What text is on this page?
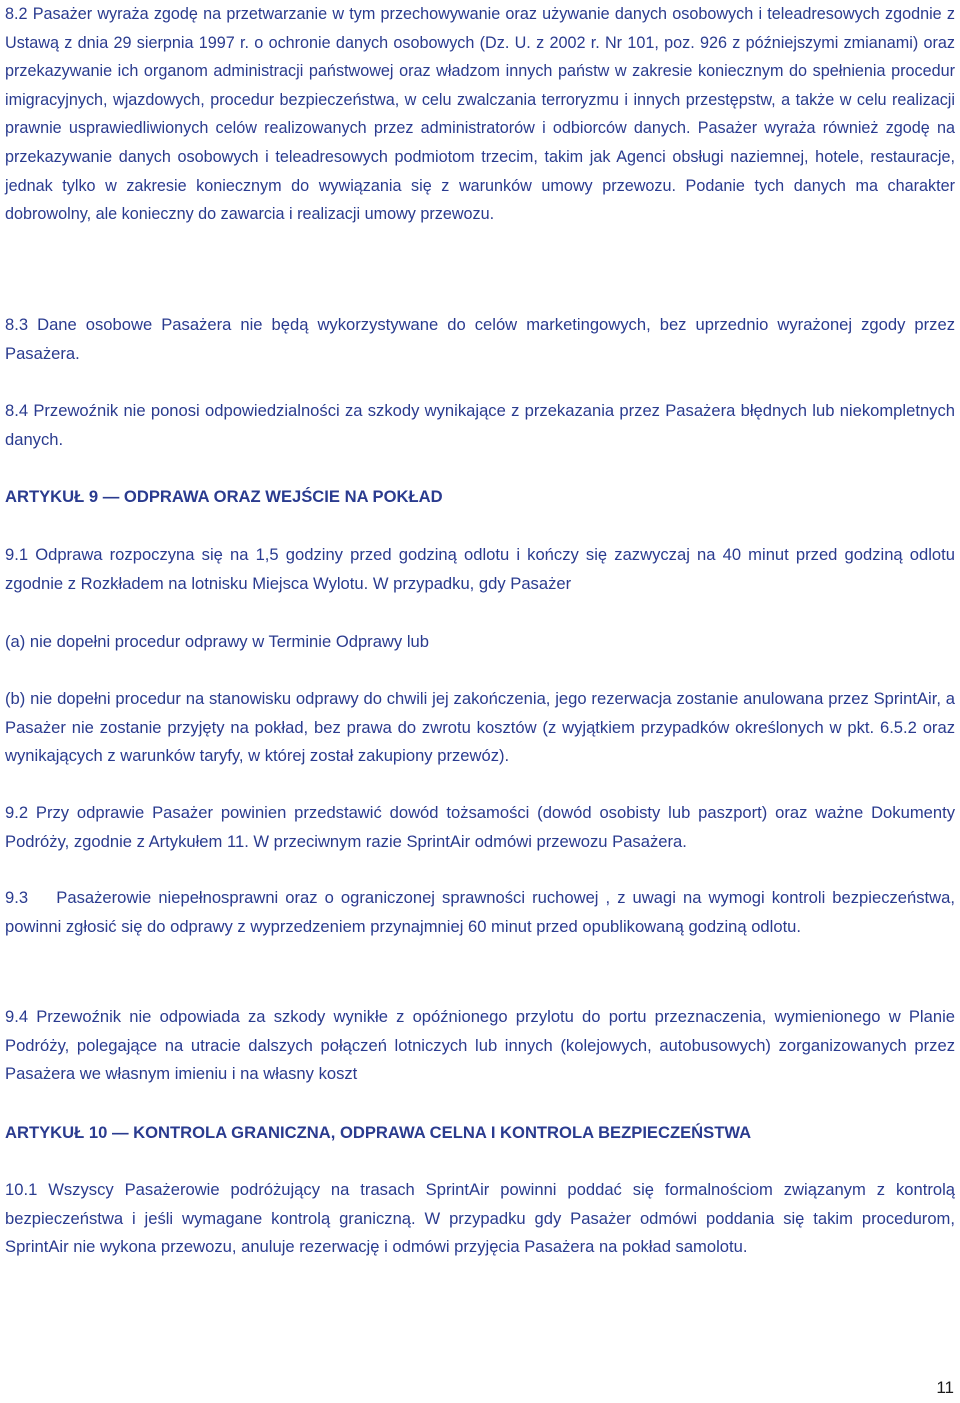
8.2 Pasażer wyraża zgodę na przetwarzanie w tym przechowywanie oraz używanie danych osobowych i teleadresowych zgodnie z Ustawą z dnia 29 sierpnia 1997 r. o ochronie danych osobowych (Dz. U. z 2002 r. Nr 101, poz. 926 z późniejszymi zmianami) oraz przekazywanie ich organom administracji państwowej oraz władzom innych państw w zakresie koniecznym do spełnienia procedur imigracyjnych, wjazdowych, procedur bezpieczeństwa, w celu zwalczania terroryzmu i innych przestępstw, a także w celu realizacji prawnie usprawiedliwionych celów realizowanych przez administratorów i odbiorców danych. Pasażer wyraża również zgodę na przekazywanie danych osobowych i teleadresowych podmiotom trzecim, takim jak Agenci obsługi naziemnej, hotele, restauracje, jednak tylko w zakresie koniecznym do wywiązania się z warunków umowy przewozu. Podanie tych danych ma charakter dobrowolny, ale konieczny do zawarcia i realizacji umowy przewozu.

8.3 Dane osobowe Pasażera nie będą wykorzystywane do celów marketingowych, bez uprzednio wyrażonej zgody przez Pasażera.

8.4 Przewoźnik nie ponosi odpowiedzialności za szkody wynikające z przekazania przez Pasażera błędnych lub niekompletnych danych.

ARTYKUŁ 9 — ODPRAWA ORAZ WEJŚCIE NA POKŁAD

9.1 Odprawa rozpoczyna się na 1,5 godziny przed godziną odlotu i kończy się zazwyczaj na 40 minut przed godziną odlotu zgodnie z Rozkładem na lotnisku Miejsca Wylotu. W przypadku, gdy Pasażer

(a) nie dopełni procedur odprawy w Terminie Odprawy lub

(b) nie dopełni procedur na stanowisku odprawy do chwili jej zakończenia, jego rezerwacja zostanie anulowana przez SprintAir, a Pasażer nie zostanie przyjęty na pokład, bez prawa do zwrotu kosztów (z wyjątkiem przypadków określonych w pkt. 6.5.2 oraz wynikających z warunków taryfy, w której został zakupiony przewóz).

9.2 Przy odprawie Pasażer powinien przedstawić dowód tożsamości (dowód osobisty lub paszport) oraz ważne Dokumenty Podróży, zgodnie z Artykułem 11. W przeciwnym razie SprintAir odmówi przewozu Pasażera.

9.3    Pasażerowie niepełnosprawni oraz o ograniczonej sprawności ruchowej , z uwagi na wymogi kontroli bezpieczeństwa, powinni zgłosić się do odprawy z wyprzedzeniem przynajmniej 60 minut przed opublikowaną godziną odlotu.

9.4 Przewoźnik nie odpowiada za szkody wynikłe z opóźnionego przylotu do portu przeznaczenia, wymienionego w Planie Podróży, polegające na utracie dalszych połączeń lotniczych lub innych (kolejowych, autobusowych) zorganizowanych przez Pasażera we własnym imieniu i na własny koszt

ARTYKUŁ 10 — KONTROLA GRANICZNA, ODPRAWA CELNA I KONTROLA BEZPIECZEŃSTWA

10.1 Wszyscy Pasażerowie podróżujący na trasach SprintAir powinni poddać się formalnościom związanym z kontrolą bezpieczeństwa i jeśli wymagane kontrolą graniczną. W przypadku gdy Pasażer odmówi poddania się takim procedurom, SprintAir nie wykona przewozu, anuluje rezerwację i odmówi przyjęcia Pasażera na pokład samolotu.

11
